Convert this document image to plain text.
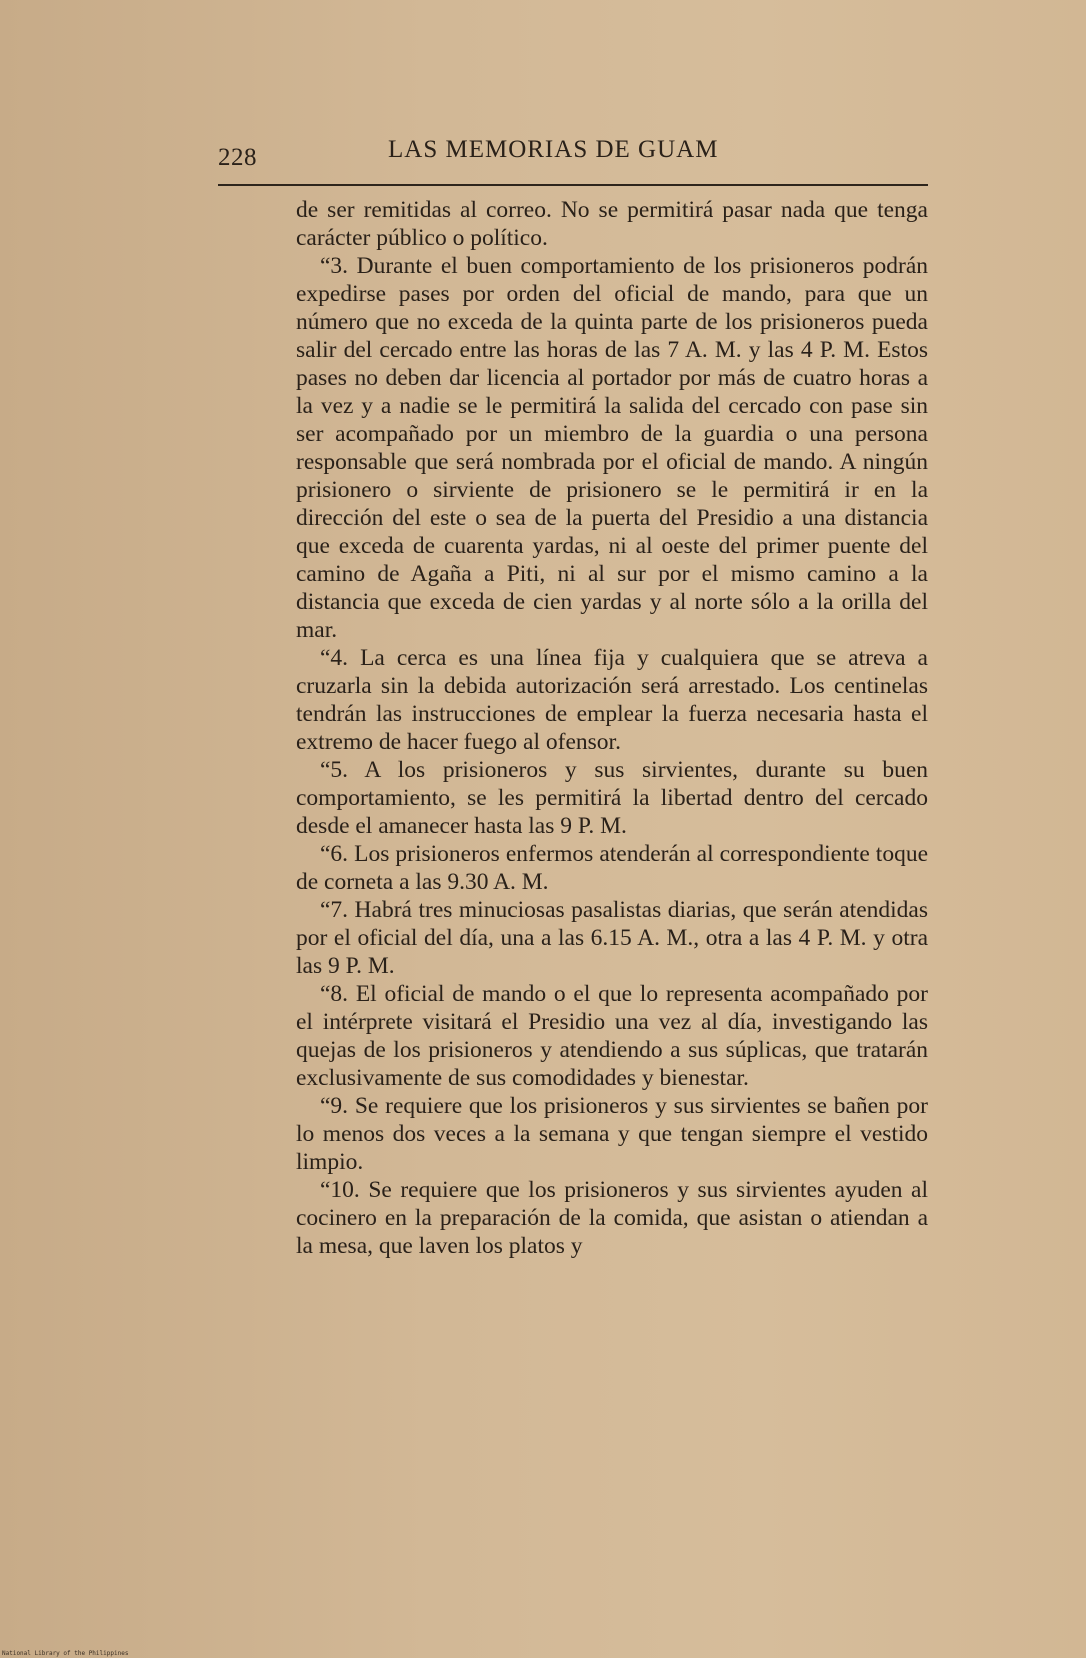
228	LAS MEMORIAS DE GUAM

de ser remitidas al correo. No se permitirá pasar nada que tenga carácter público o político.

“3. Durante el buen comportamiento de los prisioneros podrán expedirse pases por orden del oficial de mando, para que un número que no exceda de la quinta parte de los prisioneros pueda salir del cercado entre las horas de las 7 A. M. y las 4 P. M. Estos pases no deben dar licencia al portador por más de cuatro horas a la vez y a nadie se le permitirá la salida del cercado con pase sin ser acompañado por un miembro de la guardia o una persona responsable que será nombrada por el oficial de mando. A ningún prisionero o sirviente de prisionero se le permitirá ir en la dirección del este o sea de la puerta del Presidio a una distancia que exceda de cuarenta yardas, ni al oeste del primer puente del camino de Agaña a Piti, ni al sur por el mismo camino a la distancia que exceda de cien yardas y al norte sólo a la orilla del mar.

“4. La cerca es una línea fija y cualquiera que se atreva a cruzarla sin la debida autorización será arrestado. Los centinelas tendrán las instrucciones de emplear la fuerza necesaria hasta el extremo de hacer fuego al ofensor.

“5. A los prisioneros y sus sirvientes, durante su buen comportamiento, se les permitirá la libertad dentro del cercado desde el amanecer hasta las 9 P. M.

“6. Los prisioneros enfermos atenderán al correspondiente toque de corneta a las 9.30 A. M.

“7. Habrá tres minuciosas pasalistas diarias, que serán atendidas por el oficial del día, una a las 6.15 A. M., otra a las 4 P. M. y otra las 9 P. M.

“8. El oficial de mando o el que lo representa acompañado por el intérprete visitará el Presidio una vez al día, investigando las quejas de los prisioneros y atendiendo a sus súplicas, que tratarán exclusivamente de sus comodidades y bienestar.

“9. Se requiere que los prisioneros y sus sirvientes se bañen por lo menos dos veces a la semana y que tengan siempre el vestido limpio.

“10. Se requiere que los prisioneros y sus sirvientes ayuden al cocinero en la preparación de la comida, que asistan o atiendan a la mesa, que laven los platos y

National Library of the Philippines
